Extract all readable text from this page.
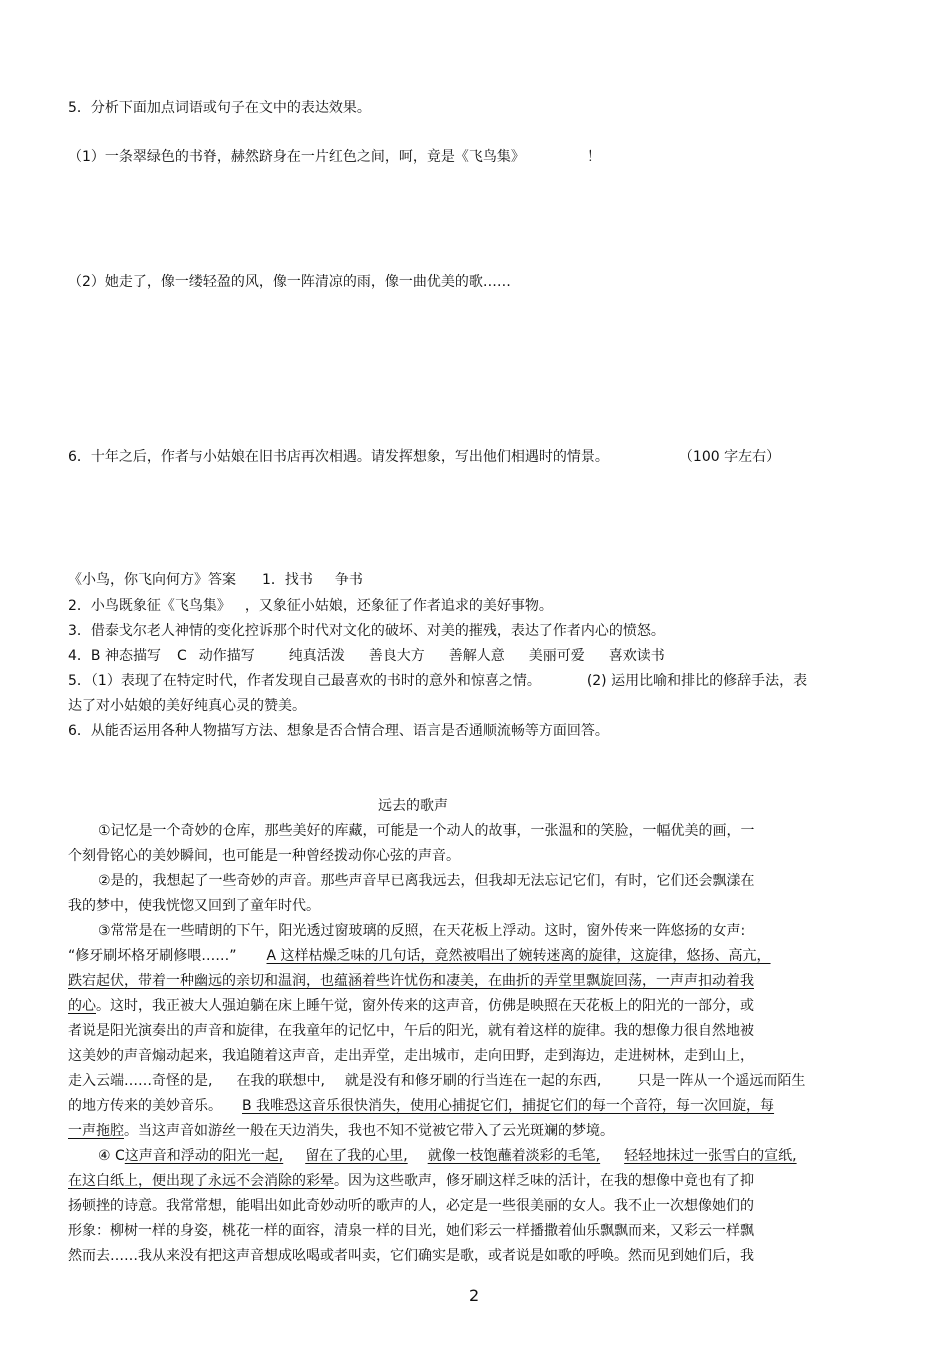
5．分析下面加点词语或句子在文中的表达效果。
（1）一条翠绿色的书脊，赫然跻身在一片红色之间，呵，竟是《飞鸟集》	！
（2）她走了，像一缕轻盈的风，像一阵清凉的雨，像一曲优美的歌……
6．十年之后，作者与小姑娘在旧书店再次相遇。请发挥想象，写出他们相遇时的情景。	（100 字左右）
《小鸟，你飞向何方》答案 1．找书 争书
2．小鸟既象征《飞鸟集》 ，又象征小姑娘，还象征了作者追求的美好事物。
3．借泰戈尔老人神情的变化控诉那个时代对文化的破坏、对美的摧残，表达了作者内心的愤怒。
4．B 神态描写 C 动作描写 纯真活泼 善良大方 善解人意 美丽可爱 喜欢读书
5．（1）表现了在特定时代，作者发现自己最喜欢的书时的意外和惊喜之情。	(2) 运用比喻和排比的修辞手法，表
达了对小姑娘的美好纯真心灵的赞美。
6．从能否运用各种人物描写方法、想象是否合情合理、语言是否通顺流畅等方面回答。
远去的歌声
①记忆是一个奇妙的仓库，那些美好的库藏，可能是一个动人的故事，一张温和的笑脸，一幅优美的画，一
个刻骨铭心的美妙瞬间，也可能是一种曾经拨动你心弦的声音。
②是的，我想起了一些奇妙的声音。那些声音早已离我远去，但我却无法忘记它们，有时，它们还会飘漾在
我的梦中，使我恍惚又回到了童年时代。
③常常是在一些晴朗的下午，阳光透过窗玻璃的反照，在天花板上浮动。这时，窗外传来一阵悠扬的女声:
“修牙刷坏格牙刷修喂……” A 这样枯燥乏味的几句话，竟然被唱出了婉转迷离的旋律，这旋律，悠扬、高亢，
跌宕起伏，带着一种幽远的亲切和温润，也蕴涵着些许忧伤和凄美，在曲折的弄堂里飘旋回荡，一声声扣动着我
的心。这时，我正被大人强迫躺在床上睡午觉，窗外传来的这声音，仿佛是映照在天花板上的阳光的一部分，或
者说是阳光演奏出的声音和旋律，在我童年的记忆中，午后的阳光，就有着这样的旋律。我的想像力很自然地被
这美妙的声音煽动起来，我追随着这声音，走出弄堂，走出城市，走向田野，走到海边，走进树林，走到山上，
走入云端……奇怪的是, 在我的联想中, 就是没有和修牙刷的行当连在一起的东西,	只是一阵从一个遥远而陌生
的地方传来的美妙音乐。 B 我唯恐这音乐很快消失，使用心捕捉它们，捕捉它们的每一个音符，每一次回旋，每
一声拖腔。当这声音如游丝一般在天边消失，我也不知不觉被它带入了云光斑斓的梦境。
④ C这声音和浮动的阳光一起, 留在了我的心里, 就像一枝饱蘸着淡彩的毛笔, 轻轻地抹过一张雪白的宣纸,
在这白纸上，便出现了永远不会消除的彩晕。因为这些歌声，修牙刷这样乏味的活计，在我的想像中竟也有了抑
扬顿挫的诗意。我常常想，能唱出如此奇妙动听的歌声的人，必定是一些很美丽的女人。我不止一次想像她们的
形象：柳树一样的身姿，桃花一样的面容，清泉一样的目光，她们彩云一样播撒着仙乐飘飘而来，又彩云一样飘
然而去……我从来没有把这声音想成吆喝或者叫卖，它们确实是歌，或者说是如歌的呼唤。然而见到她们后，我
2
